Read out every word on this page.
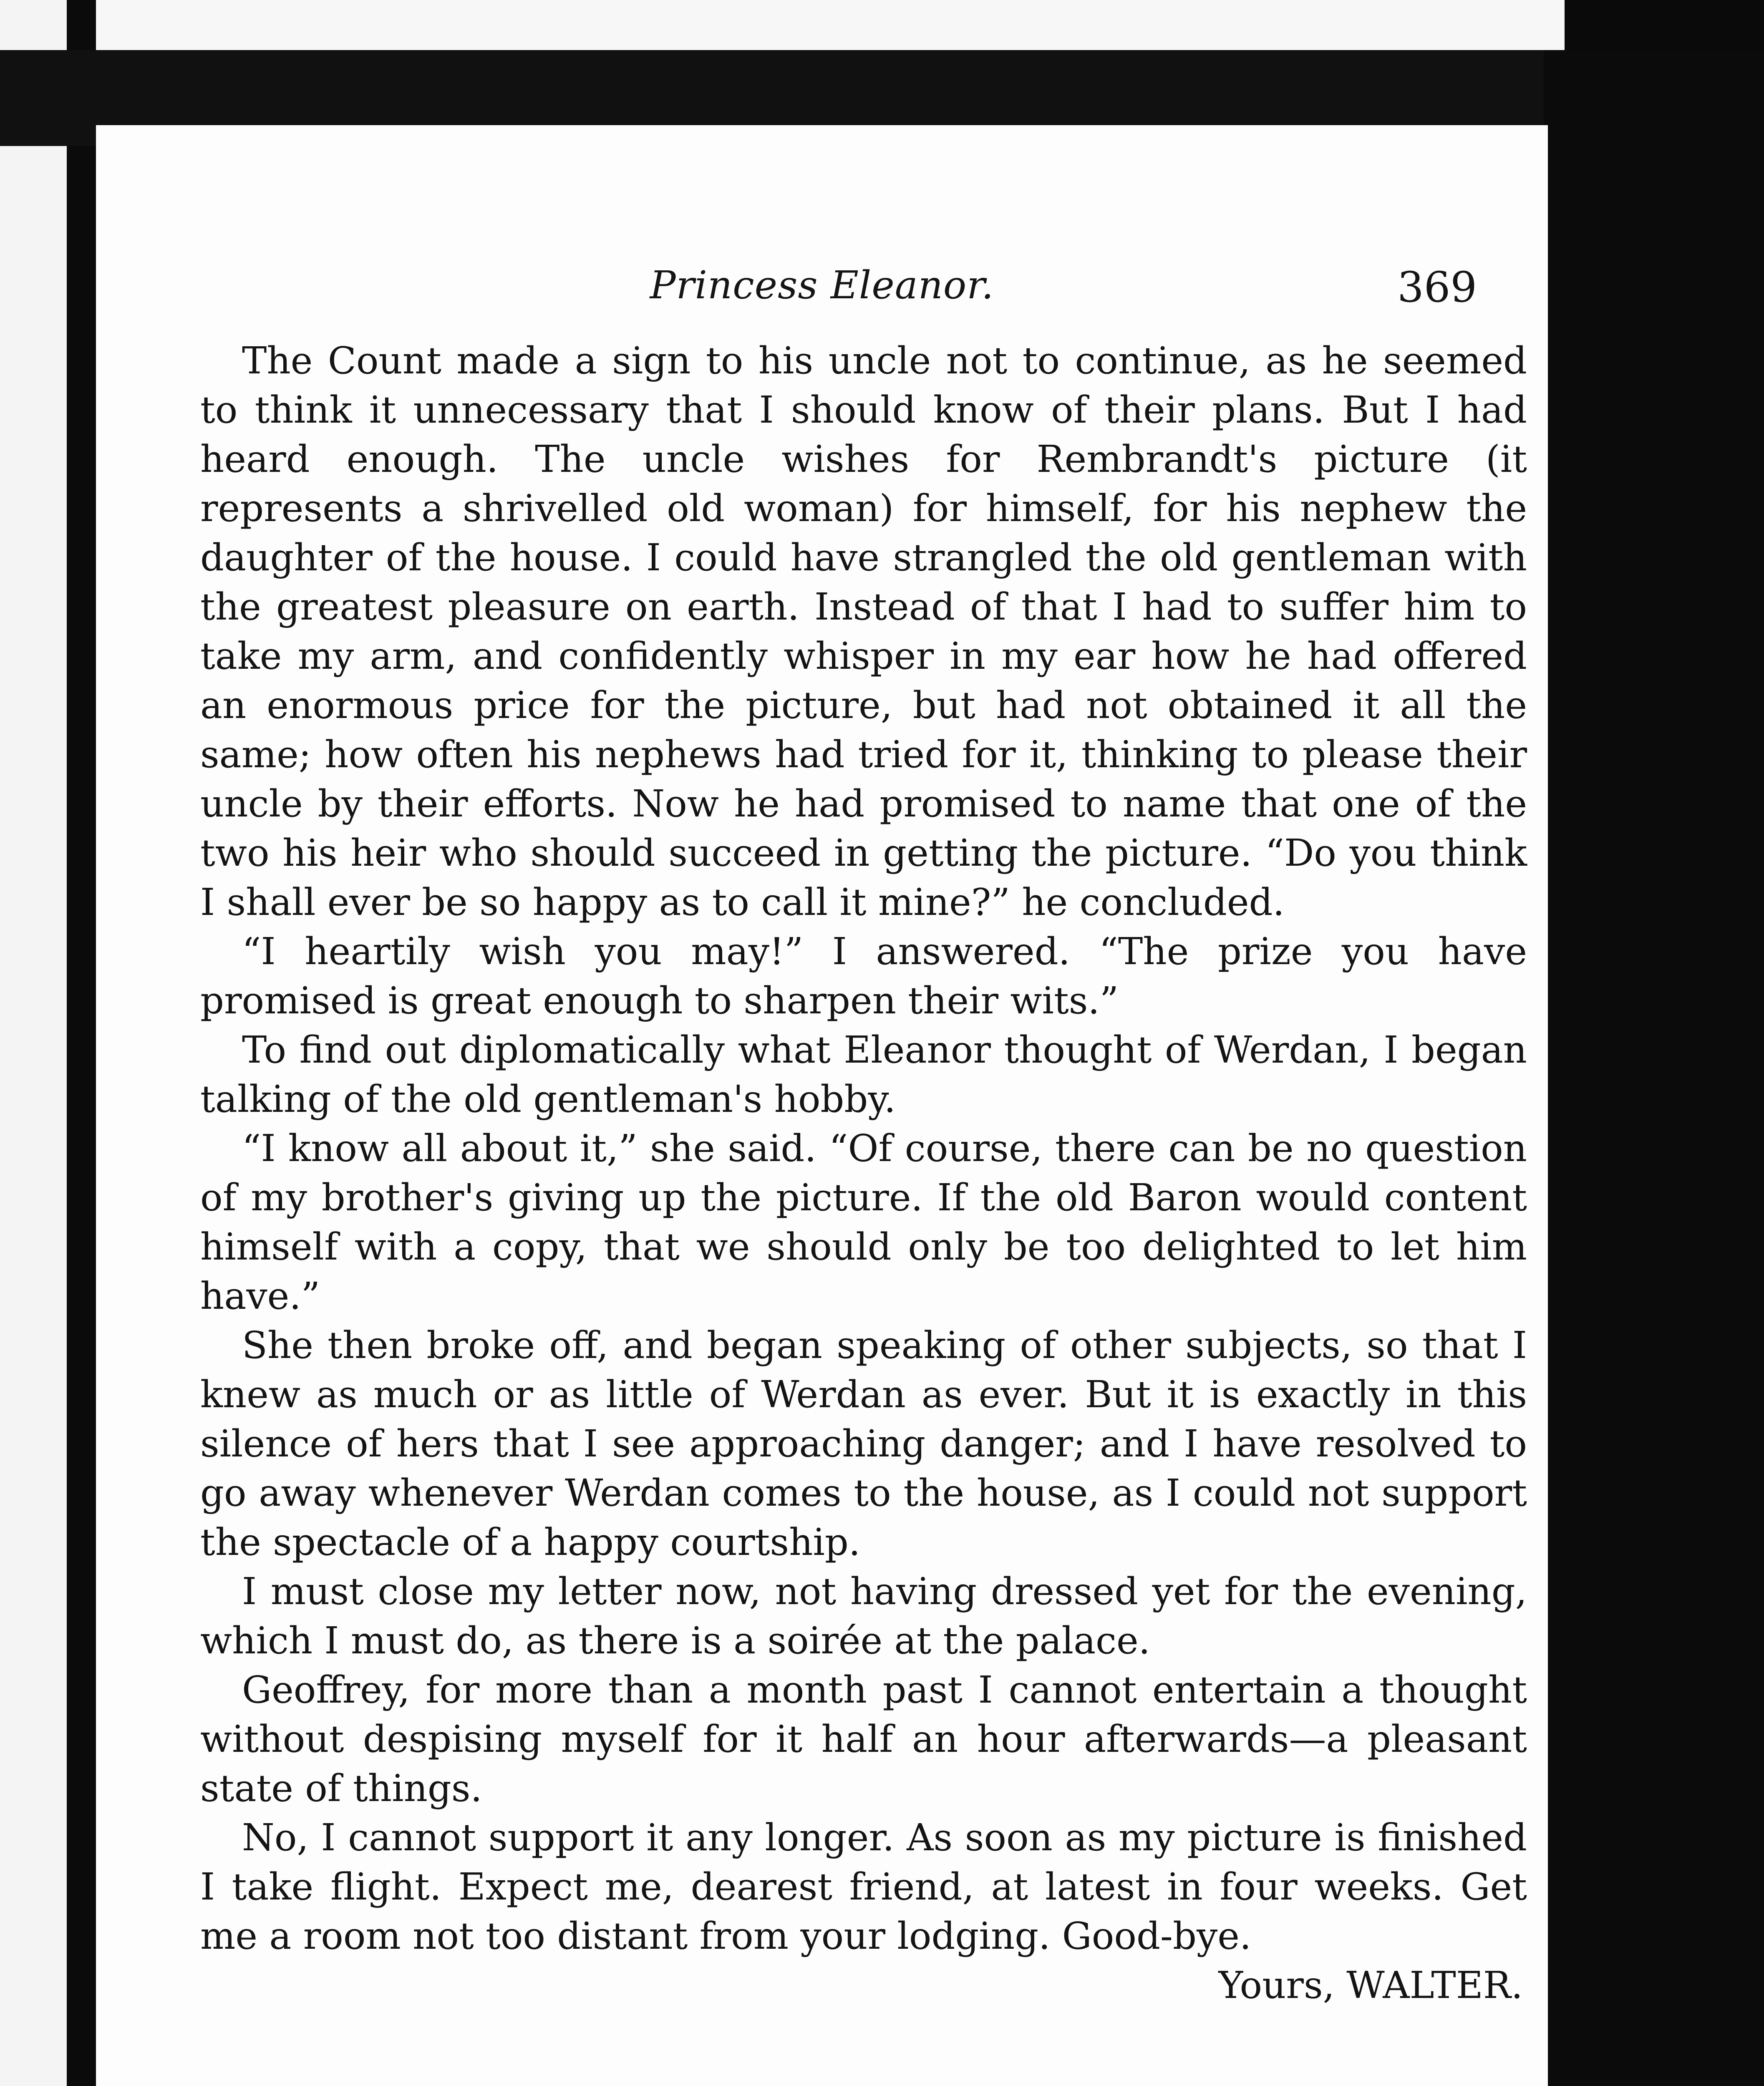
Princess Eleanor.	369

The Count made a sign to his uncle not to continue, as he seemed to think it unnecessary that I should know of their plans. But I had heard enough. The uncle wishes for Rembrandt's picture (it represents a shrivelled old woman) for himself, for his nephew the daughter of the house. I could have strangled the old gentleman with the greatest pleasure on earth. Instead of that I had to suffer him to take my arm, and confidently whisper in my ear how he had offered an enormous price for the picture, but had not obtained it all the same; how often his nephews had tried for it, thinking to please their uncle by their efforts. Now he had promised to name that one of the two his heir who should succeed in getting the picture. “Do you think I shall ever be so happy as to call it mine?” he concluded.

“I heartily wish you may!” I answered. “The prize you have promised is great enough to sharpen their wits.”

To find out diplomatically what Eleanor thought of Werdan, I began talking of the old gentleman's hobby.

“I know all about it,” she said. “Of course, there can be no question of my brother's giving up the picture. If the old Baron would content himself with a copy, that we should only be too delighted to let him have.”

She then broke off, and began speaking of other subjects, so that I knew as much or as little of Werdan as ever. But it is exactly in this silence of hers that I see approaching danger; and I have resolved to go away whenever Werdan comes to the house, as I could not support the spectacle of a happy courtship.

I must close my letter now, not having dressed yet for the evening, which I must do, as there is a soirée at the palace.

Geoffrey, for more than a month past I cannot entertain a thought without despising myself for it half an hour afterwards—a pleasant state of things.

No, I cannot support it any longer. As soon as my picture is finished I take flight. Expect me, dearest friend, at latest in four weeks. Get me a room not too distant from your lodging. Good-bye.

Yours, WALTER.
